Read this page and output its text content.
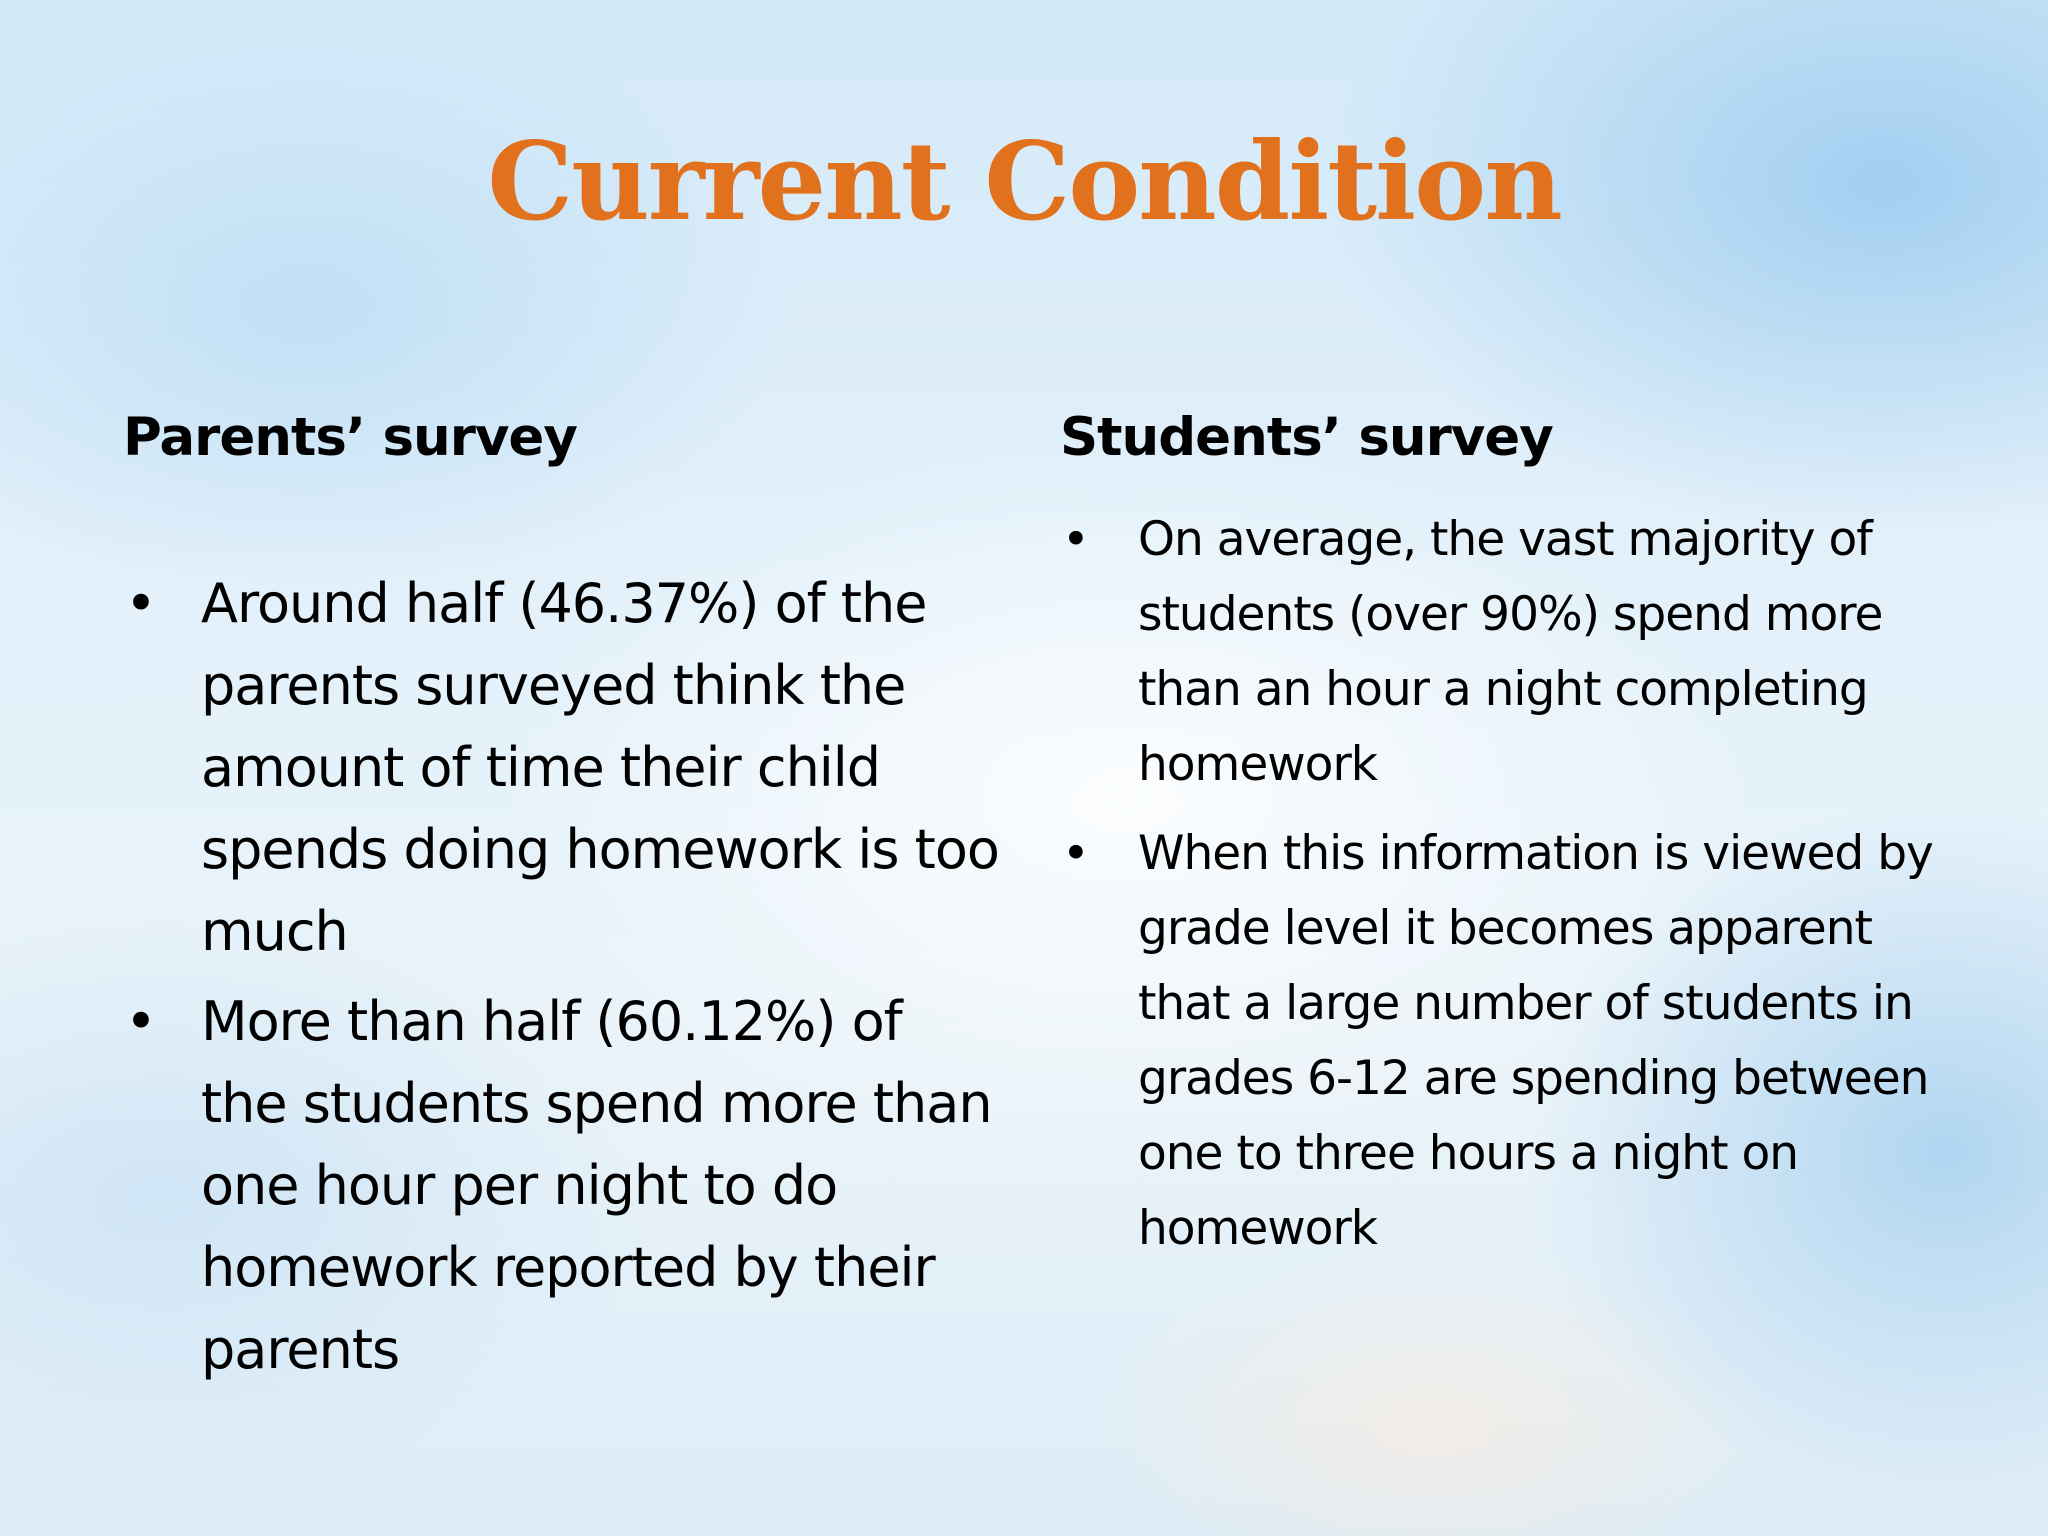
Current Condition
Parents’ survey
• Around half (46.37%) of the parents surveyed think the amount of time their child spends doing homework is too much
• More than half (60.12%) of the students spend more than one hour per night to do homework reported by their parents
Students’ survey
• On average, the vast majority of students (over 90%) spend more than an hour a night completing homework
• When this information is viewed by grade level it becomes apparent that a large number of students in grades 6-12 are spending between one to three hours a night on homework
